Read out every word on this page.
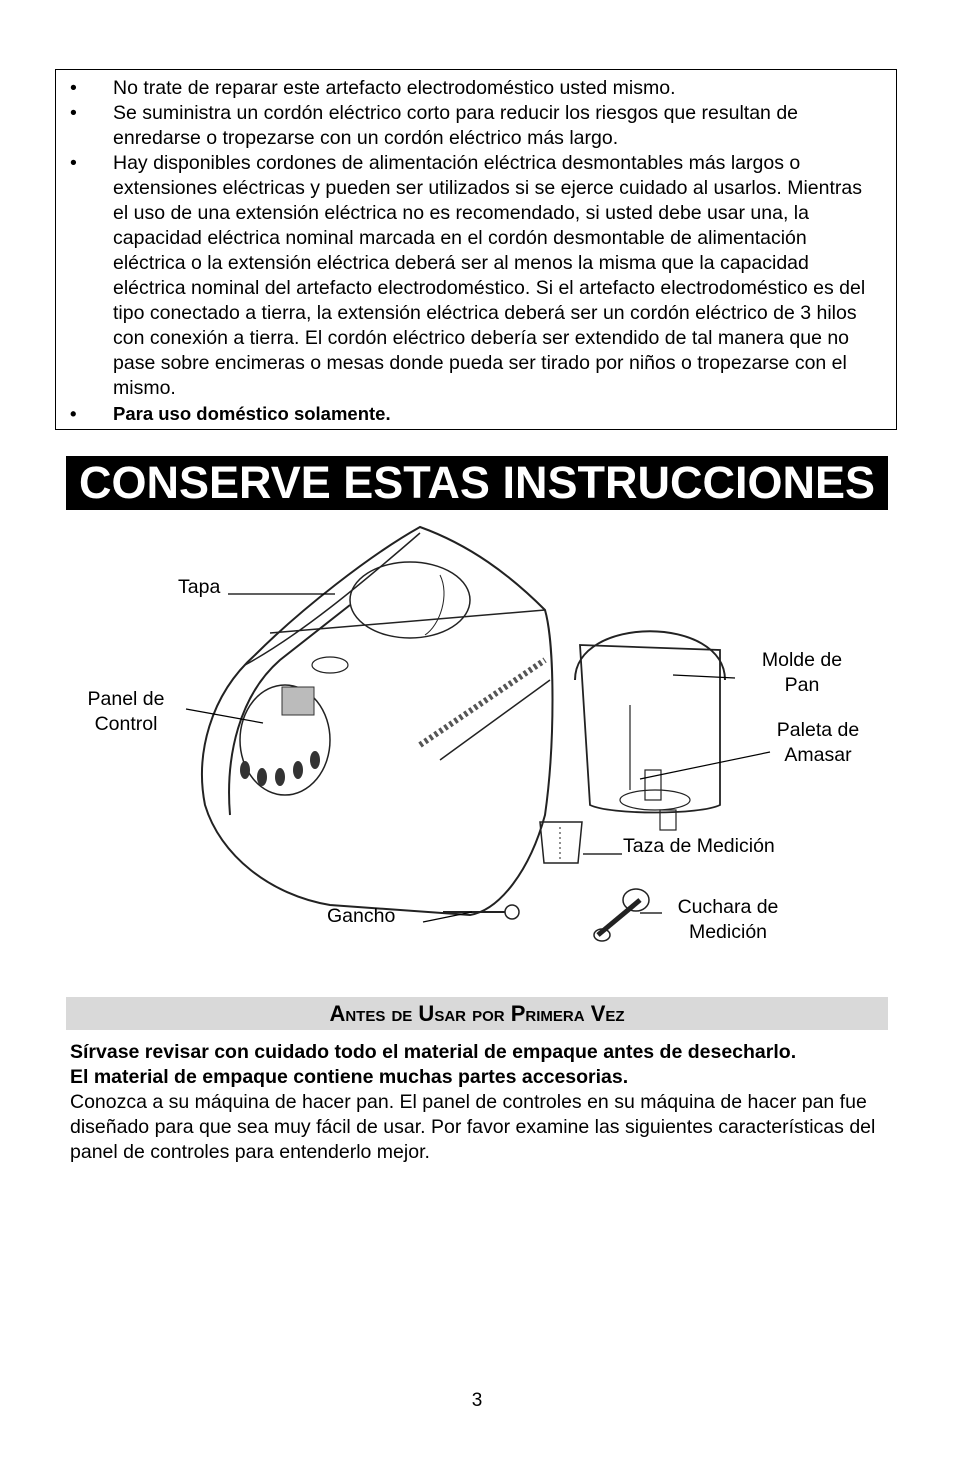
• No trate de reparar este artefacto electrodoméstico usted mismo.
• Se suministra un cordón eléctrico corto para reducir los riesgos que resultan de enredarse o tropezarse con un cordón eléctrico más largo.
• Hay disponibles cordones de alimentación eléctrica desmontables más largos o extensiones eléctricas y pueden ser utilizados si se ejerce cuidado al usarlos. Mientras el uso de una extensión eléctrica no es recomendado, si usted debe usar una, la capacidad eléctrica nominal marcada en el cordón desmontable de alimentación eléctrica o la extensión eléctrica deberá ser al menos la misma que la capacidad eléctrica nominal del artefacto electrodoméstico. Si el artefacto electrodoméstico es del tipo conectado a tierra, la extensión eléctrica deberá ser un cordón eléctrico de 3 hilos con conexión a tierra. El cordón eléctrico debería ser extendido de tal manera que no pase sobre encimeras o mesas donde pueda ser tirado por niños o tropezarse con el mismo.
• Para uso doméstico solamente.
CONSERVE ESTAS INSTRUCCIONES
Tapa
Panel de
Control
Molde de
Pan
Paleta de
Amasar
Taza de Medición
Gancho	Cuchara de
Medición
Antes de Usar por Primera Vez
Sírvase revisar con cuidado todo el material de empaque antes de desecharlo.
El material de empaque contiene muchas partes accesorias.
Conozca a su máquina de hacer pan. El panel de controles en su máquina de hacer pan fue diseñado para que sea muy fácil de usar. Por favor examine las siguientes características del panel de controles para entenderlo mejor.
3
